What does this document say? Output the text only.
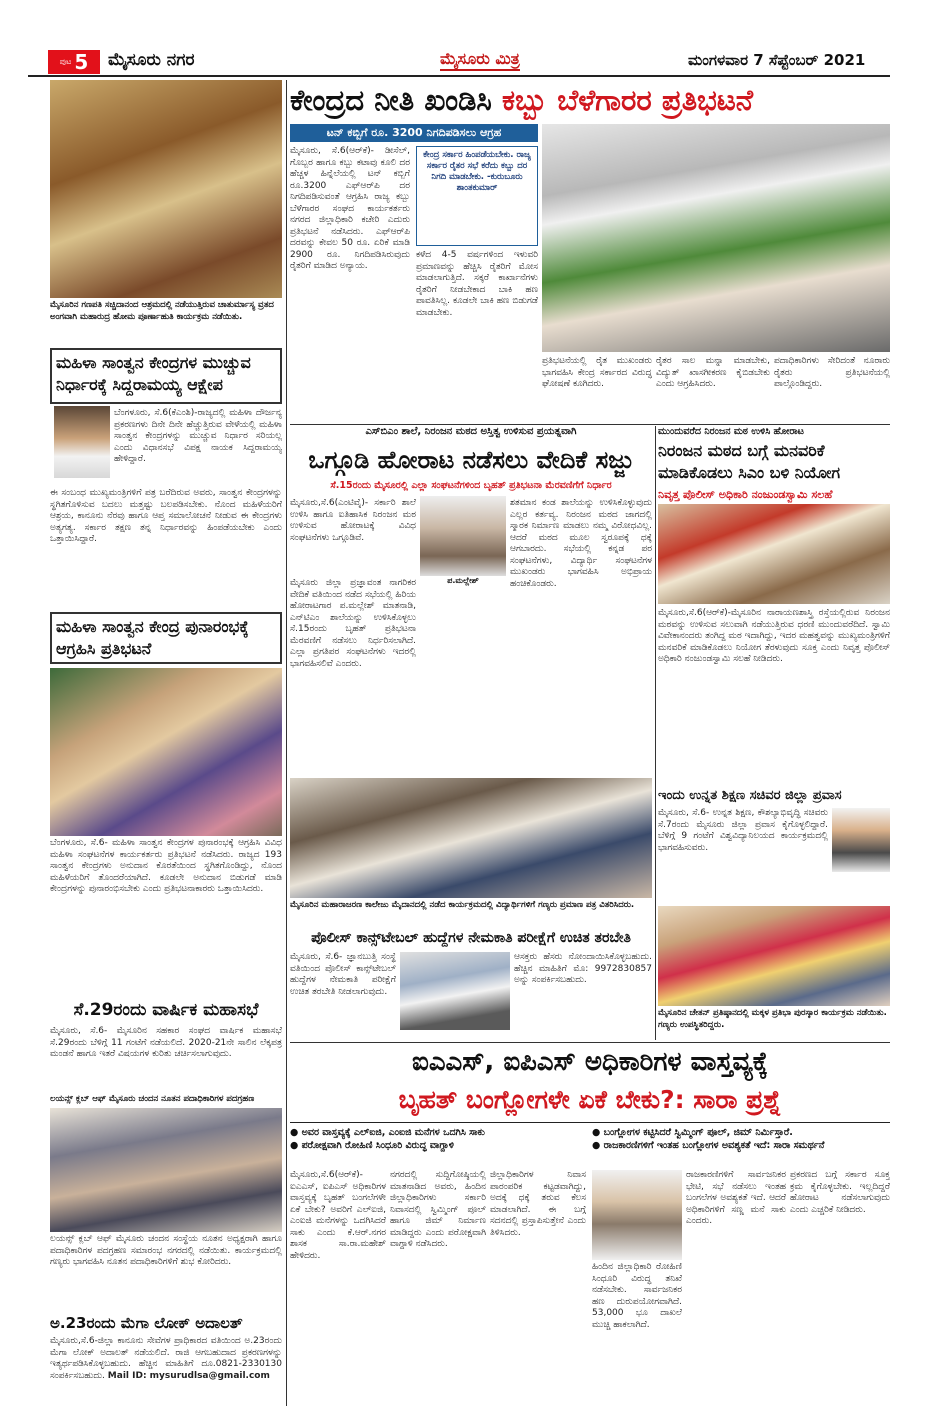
ಪುಟ 5 ಮೈಸೂರು ನಗರ	ಮೈಸೂರು ಮಿತ್ರ	ಮಂಗಳವಾರ 7 ಸೆಪ್ಟೆಂಬರ್ 2021
ಮೈಸೂರಿನ ಗಣಪತಿ ಸಚ್ಚಿದಾನಂದ ಆಶ್ರಮದಲ್ಲಿ ನಡೆಯುತ್ತಿರುವ ಚಾತುರ್ಮಾಸ್ಯ ವ್ರತದ ಅಂಗವಾಗಿ ಮಹಾರುದ್ರ ಹೋಮ ಪೂರ್ಣಾಹುತಿ ಕಾರ್ಯಕ್ರಮ ನಡೆಯಿತು.
ಮಹಿಳಾ ಸಾಂತ್ವನ ಕೇಂದ್ರಗಳ ಮುಚ್ಚುವ ನಿರ್ಧಾರಕ್ಕೆ ಸಿದ್ದರಾಮಯ್ಯ ಆಕ್ಷೇಪ
ಬೆಂಗಳೂರು, ಸೆ.6(ಕೆಎಂಶಿ)-ರಾಜ್ಯದಲ್ಲಿ ಮಹಿಳಾ ದೌರ್ಜನ್ಯ ಪ್ರಕರಣಗಳು ದಿನೇ ದಿನೇ ಹೆಚ್ಚುತ್ತಿರುವ ವೇಳೆಯಲ್ಲಿ ಮಹಿಳಾ ಸಾಂತ್ವನ ಕೇಂದ್ರಗಳನ್ನು ಮುಚ್ಚುವ ನಿರ್ಧಾರ ಸರಿಯಲ್ಲ ಎಂದು ವಿಧಾನಸಭೆ ವಿಪಕ್ಷ ನಾಯಕ ಸಿದ್ದರಾಮಯ್ಯ ಹೇಳಿದ್ದಾರೆ.
ಈ ಸಂಬಂಧ ಮುಖ್ಯಮಂತ್ರಿಗಳಿಗೆ ಪತ್ರ ಬರೆದಿರುವ ಅವರು, ಸಾಂತ್ವನ ಕೇಂದ್ರಗಳನ್ನು ಸ್ಥಗಿತಗೊಳಿಸುವ ಬದಲು ಮತ್ತಷ್ಟು ಬಲಪಡಿಸಬೇಕು. ನೊಂದ ಮಹಿಳೆಯರಿಗೆ ಆಶ್ರಯ, ಕಾನೂನು ನೆರವು ಹಾಗೂ ಆಪ್ತ ಸಮಾಲೋಚನೆ ನೀಡುವ ಈ ಕೇಂದ್ರಗಳು ಅತ್ಯಗತ್ಯ. ಸರ್ಕಾರ ತಕ್ಷಣ ತನ್ನ ನಿರ್ಧಾರವನ್ನು ಹಿಂಪಡೆಯಬೇಕು ಎಂದು ಒತ್ತಾಯಿಸಿದ್ದಾರೆ.
ಮಹಿಳಾ ಸಾಂತ್ವನ ಕೇಂದ್ರ ಪುನಾರಂಭಕ್ಕೆ ಆಗ್ರಹಿಸಿ ಪ್ರತಿಭಟನೆ
ಬೆಂಗಳೂರು, ಸೆ.6- ಮಹಿಳಾ ಸಾಂತ್ವನ ಕೇಂದ್ರಗಳ ಪುನಾರಂಭಕ್ಕೆ ಆಗ್ರಹಿಸಿ ವಿವಿಧ ಮಹಿಳಾ ಸಂಘಟನೆಗಳ ಕಾರ್ಯಕರ್ತರು ಪ್ರತಿಭಟನೆ ನಡೆಸಿದರು. ರಾಜ್ಯದ 193 ಸಾಂತ್ವನ ಕೇಂದ್ರಗಳು ಅನುದಾನ ಕೊರತೆಯಿಂದ ಸ್ಥಗಿತಗೊಂಡಿದ್ದು, ನೊಂದ ಮಹಿಳೆಯರಿಗೆ ತೊಂದರೆಯಾಗಿದೆ. ಕೂಡಲೇ ಅನುದಾನ ಬಿಡುಗಡೆ ಮಾಡಿ ಕೇಂದ್ರಗಳನ್ನು ಪುನಾರಂಭಿಸಬೇಕು ಎಂದು ಪ್ರತಿಭಟನಾಕಾರರು ಒತ್ತಾಯಿಸಿದರು.
ಸೆ.29ರಂದು ವಾರ್ಷಿಕ ಮಹಾಸಭೆ
ಮೈಸೂರು, ಸೆ.6- ಮೈಸೂರಿನ ಸಹಕಾರ ಸಂಘದ ವಾರ್ಷಿಕ ಮಹಾಸಭೆ ಸೆ.29ರಂದು ಬೆಳಿಗ್ಗೆ 11 ಗಂಟೆಗೆ ನಡೆಯಲಿದೆ. 2020-21ನೇ ಸಾಲಿನ ಲೆಕ್ಕಪತ್ರ ಮಂಡನೆ ಹಾಗೂ ಇತರೆ ವಿಷಯಗಳ ಕುರಿತು ಚರ್ಚಿಸಲಾಗುವುದು.
ಲಯನ್ಸ್ ಕ್ಲಬ್ ಆಫ್ ಮೈಸೂರು ಚಂದನ ನೂತನ ಪದಾಧಿಕಾರಿಗಳ ಪದಗ್ರಹಣ
ಲಯನ್ಸ್ ಕ್ಲಬ್ ಆಫ್ ಮೈಸೂರು ಚಂದನ ಸಂಸ್ಥೆಯ ನೂತನ ಅಧ್ಯಕ್ಷರಾಗಿ ಹಾಗೂ ಪದಾಧಿಕಾರಿಗಳ ಪದಗ್ರಹಣ ಸಮಾರಂಭ ನಗರದಲ್ಲಿ ನಡೆಯಿತು. ಕಾರ್ಯಕ್ರಮದಲ್ಲಿ ಗಣ್ಯರು ಭಾಗವಹಿಸಿ ನೂತನ ಪದಾಧಿಕಾರಿಗಳಿಗೆ ಶುಭ ಕೋರಿದರು.
ಅ.23ರಂದು ಮೆಗಾ ಲೋಕ್ ಅದಾಲತ್
ಮೈಸೂರು,ಸೆ.6-ಜಿಲ್ಲಾ ಕಾನೂನು ಸೇವೆಗಳ ಪ್ರಾಧಿಕಾರದ ವತಿಯಿಂದ ಅ.23ರಂದು ಮೆಗಾ ಲೋಕ್ ಅದಾಲತ್ ನಡೆಯಲಿದೆ. ರಾಜಿ ಆಗಬಹುದಾದ ಪ್ರಕರಣಗಳನ್ನು ಇತ್ಯರ್ಥಪಡಿಸಿಕೊಳ್ಳಬಹುದು. ಹೆಚ್ಚಿನ ಮಾಹಿತಿಗೆ ದೂ.0821-2330130 ಸಂಪರ್ಕಿಸಬಹುದು. Mail ID: mysurudlsa@gmail.com
ಕೇಂದ್ರದ ನೀತಿ ಖಂಡಿಸಿ ಕಬ್ಬು ಬೆಳೆಗಾರರ ಪ್ರತಿಭಟನೆ
ಟನ್ ಕಬ್ಬಿಗೆ ರೂ. 3200 ನಿಗದಿಪಡಿಸಲು ಆಗ್ರಹ
ಮೈಸೂರು, ಸೆ.6(ಆರ್‌ಕೆ)- ಡೀಸೆಲ್, ಗೊಬ್ಬರ ಹಾಗೂ ಕಬ್ಬು ಕಟಾವು ಕೂಲಿ ದರ ಹೆಚ್ಚಳ ಹಿನ್ನೆಲೆಯಲ್ಲಿ ಟನ್ ಕಬ್ಬಿಗೆ ರೂ.3200 ಎಫ್‌ಆರ್‌ಪಿ ದರ ನಿಗದಿಪಡಿಸುವಂತೆ ಆಗ್ರಹಿಸಿ ರಾಜ್ಯ ಕಬ್ಬು ಬೆಳೆಗಾರರ ಸಂಘದ ಕಾರ್ಯಕರ್ತರು ನಗರದ ಜಿಲ್ಲಾಧಿಕಾರಿ ಕಚೇರಿ ಎದುರು ಪ್ರತಿಭಟನೆ ನಡೆಸಿದರು. ಎಫ್‌ಆರ್‌ಪಿ ದರವನ್ನು ಕೇವಲ 50 ರೂ. ಏರಿಕೆ ಮಾಡಿ 2900 ರೂ. ನಿಗದಿಪಡಿಸಿರುವುದು ರೈತರಿಗೆ ಮಾಡಿದ ಅನ್ಯಾಯ.
ಕೇಂದ್ರ ಸರ್ಕಾರ ಹಿಂಪಡೆಯಬೇಕು. ರಾಜ್ಯ ಸರ್ಕಾರ ರೈತರ ಸಭೆ ಕರೆದು ಕಬ್ಬು ದರ ನಿಗದಿ ಮಾಡಬೇಕು. -ಕುರುಬೂರು ಶಾಂತಕುಮಾರ್
ಕಳೆದ 4-5 ವರ್ಷಗಳಿಂದ ಇಳುವರಿ ಪ್ರಮಾಣವನ್ನು ಹೆಚ್ಚಿಸಿ ರೈತರಿಗೆ ಮೋಸ ಮಾಡಲಾಗುತ್ತಿದೆ. ಸಕ್ಕರೆ ಕಾರ್ಖಾನೆಗಳು ರೈತರಿಗೆ ನೀಡಬೇಕಾದ ಬಾಕಿ ಹಣ ಪಾವತಿಸಿಲ್ಲ. ಕೂಡಲೇ ಬಾಕಿ ಹಣ ಬಿಡುಗಡೆ ಮಾಡಬೇಕು.
ಪ್ರತಿಭಟನೆಯಲ್ಲಿ ರೈತ ಮುಖಂಡರು ಭಾಗವಹಿಸಿ ಕೇಂದ್ರ ಸರ್ಕಾರದ ವಿರುದ್ಧ ಘೋಷಣೆ ಕೂಗಿದರು.
ರೈತರ ಸಾಲ ಮನ್ನಾ ಮಾಡಬೇಕು, ವಿದ್ಯುತ್ ಖಾಸಗೀಕರಣ ಕೈಬಿಡಬೇಕು ಎಂದು ಆಗ್ರಹಿಸಿದರು.
ಪದಾಧಿಕಾರಿಗಳು ಸೇರಿದಂತೆ ನೂರಾರು ರೈತರು ಪ್ರತಿಭಟನೆಯಲ್ಲಿ ಪಾಲ್ಗೊಂಡಿದ್ದರು.
ಎಸ್‌ಬಿಎಂ ಶಾಲೆ, ನಿರಂಜನ ಮಠದ ಅಸ್ತಿತ್ವ ಉಳಿಸುವ ಪ್ರಯತ್ನವಾಗಿ
ಒಗ್ಗೂಡಿ ಹೋರಾಟ ನಡೆಸಲು ವೇದಿಕೆ ಸಜ್ಜು
ಸೆ.15ರಂದು ಮೈಸೂರಲ್ಲಿ ಎಲ್ಲಾ ಸಂಘಟನೆಗಳಿಂದ ಬೃಹತ್ ಪ್ರತಿಭಟನಾ ಮೆರವಣಿಗೆಗೆ ನಿರ್ಧಾರ
ಮೈಸೂರು,ಸೆ.6(ಎಂಟಿವೈ)- ಸರ್ಕಾರಿ ಶಾಲೆ ಉಳಿಸಿ ಹಾಗೂ ಐತಿಹಾಸಿಕ ನಿರಂಜನ ಮಠ ಉಳಿಸುವ ಹೋರಾಟಕ್ಕೆ ವಿವಿಧ ಸಂಘಟನೆಗಳು ಒಗ್ಗೂಡಿವೆ.
ಪ.ಮಲ್ಲೇಶ್
ಮೈಸೂರು ಜಿಲ್ಲಾ ಪ್ರಜ್ಞಾವಂತ ನಾಗರಿಕರ ವೇದಿಕೆ ವತಿಯಿಂದ ನಡೆದ ಸಭೆಯಲ್ಲಿ ಹಿರಿಯ ಹೋರಾಟಗಾರ ಪ.ಮಲ್ಲೇಶ್ ಮಾತನಾಡಿ, ಎನ್‌ಟಿಎಂ ಶಾಲೆಯನ್ನು ಉಳಿಸಿಕೊಳ್ಳಲು ಸೆ.15ರಂದು ಬೃಹತ್ ಪ್ರತಿಭಟನಾ ಮೆರವಣಿಗೆ ನಡೆಸಲು ನಿರ್ಧರಿಸಲಾಗಿದೆ. ಎಲ್ಲಾ ಪ್ರಗತಿಪರ ಸಂಘಟನೆಗಳು ಇದರಲ್ಲಿ ಭಾಗವಹಿಸಲಿವೆ ಎಂದರು.
ಶತಮಾನ ಕಂಡ ಶಾಲೆಯನ್ನು ಉಳಿಸಿಕೊಳ್ಳುವುದು ಎಲ್ಲರ ಕರ್ತವ್ಯ. ನಿರಂಜನ ಮಠದ ಜಾಗದಲ್ಲಿ ಸ್ಮಾರಕ ನಿರ್ಮಾಣ ಮಾಡಲು ನಮ್ಮ ವಿರೋಧವಿಲ್ಲ. ಆದರೆ ಮಠದ ಮೂಲ ಸ್ವರೂಪಕ್ಕೆ ಧಕ್ಕೆ ಆಗಬಾರದು. ಸಭೆಯಲ್ಲಿ ಕನ್ನಡ ಪರ ಸಂಘಟನೆಗಳು, ವಿದ್ಯಾರ್ಥಿ ಸಂಘಟನೆಗಳ ಮುಖಂಡರು ಭಾಗವಹಿಸಿ ಅಭಿಪ್ರಾಯ ಹಂಚಿಕೊಂಡರು.
ಮೈಸೂರಿನ ಮಹಾರಾಜರಣ ಕಾಲೇಜು ಮೈದಾನದಲ್ಲಿ ನಡೆದ ಕಾರ್ಯಕ್ರಮದಲ್ಲಿ ವಿದ್ಯಾರ್ಥಿಗಳಿಗೆ ಗಣ್ಯರು ಪ್ರಮಾಣ ಪತ್ರ ವಿತರಿಸಿದರು.
ಪೊಲೀಸ್ ಕಾನ್ಸ್‌ಟೇಬಲ್ ಹುದ್ದೆಗಳ ನೇಮಕಾತಿ ಪರೀಕ್ಷೆಗೆ ಉಚಿತ ತರಬೇತಿ
ಮೈಸೂರು, ಸೆ.6- ಜ್ಞಾನಬುತ್ತಿ ಸಂಸ್ಥೆ ವತಿಯಿಂದ ಪೊಲೀಸ್ ಕಾನ್ಸ್‌ಟೇಬಲ್ ಹುದ್ದೆಗಳ ನೇಮಕಾತಿ ಪರೀಕ್ಷೆಗೆ ಉಚಿತ ತರಬೇತಿ ನೀಡಲಾಗುವುದು.
ಆಸಕ್ತರು ಹೆಸರು ನೋಂದಾಯಿಸಿಕೊಳ್ಳಬಹುದು. ಹೆಚ್ಚಿನ ಮಾಹಿತಿಗೆ ಮೊ: 9972830857 ಅನ್ನು ಸಂಪರ್ಕಿಸಬಹುದು.
ಮುಂದುವರೆದ ನಿರಂಜನ ಮಠ ಉಳಿಸಿ ಹೋರಾಟ
ನಿರಂಜನ ಮಠದ ಬಗ್ಗೆ ಮನವರಿಕೆ ಮಾಡಿಕೊಡಲು ಸಿಎಂ ಬಳಿ ನಿಯೋಗ
ನಿವೃತ್ತ ಪೊಲೀಸ್ ಅಧಿಕಾರಿ ನಂಜುಂಡಸ್ವಾಮಿ ಸಲಹೆ
ಮೈಸೂರು,ಸೆ.6(ಆರ್‌ಕೆ)-ಮೈಸೂರಿನ ನಾರಾಯಣಶಾಸ್ತ್ರಿ ರಸ್ತೆಯಲ್ಲಿರುವ ನಿರಂಜನ ಮಠವನ್ನು ಉಳಿಸುವ ಸಲುವಾಗಿ ನಡೆಯುತ್ತಿರುವ ಧರಣಿ ಮುಂದುವರೆದಿದೆ. ಸ್ವಾಮಿ ವಿವೇಕಾನಂದರು ತಂಗಿದ್ದ ಮಠ ಇದಾಗಿದ್ದು, ಇದರ ಮಹತ್ವವನ್ನು ಮುಖ್ಯಮಂತ್ರಿಗಳಿಗೆ ಮನವರಿಕೆ ಮಾಡಿಕೊಡಲು ನಿಯೋಗ ತೆರಳುವುದು ಸೂಕ್ತ ಎಂದು ನಿವೃತ್ತ ಪೊಲೀಸ್ ಅಧಿಕಾರಿ ನಂಜುಂಡಸ್ವಾಮಿ ಸಲಹೆ ನೀಡಿದರು.
ಇಂದು ಉನ್ನತ ಶಿಕ್ಷಣ ಸಚಿವರ ಜಿಲ್ಲಾ ಪ್ರವಾಸ
ಮೈಸೂರು, ಸೆ.6- ಉನ್ನತ ಶಿಕ್ಷಣ, ಕೌಶಲ್ಯಾಭಿವೃದ್ಧಿ ಸಚಿವರು ಸೆ.7ರಂದು ಮೈಸೂರು ಜಿಲ್ಲಾ ಪ್ರವಾಸ ಕೈಗೊಳ್ಳಲಿದ್ದಾರೆ. ಬೆಳಿಗ್ಗೆ 9 ಗಂಟೆಗೆ ವಿಶ್ವವಿದ್ಯಾನಿಲಯದ ಕಾರ್ಯಕ್ರಮದಲ್ಲಿ ಭಾಗವಹಿಸುವರು.
ಮೈಸೂರಿನ ಚೇತನ್ ಪ್ರತಿಷ್ಠಾನದಲ್ಲಿ ಮಕ್ಕಳ ಪ್ರತಿಭಾ ಪುರಸ್ಕಾರ ಕಾರ್ಯಕ್ರಮ ನಡೆಯಿತು. ಗಣ್ಯರು ಉಪಸ್ಥಿತರಿದ್ದರು.
ಐಎಎಸ್, ಐಪಿಎಸ್ ಅಧಿಕಾರಿಗಳ ವಾಸ್ತವ್ಯಕ್ಕೆ
ಬೃಹತ್ ಬಂಗ್ಲೋಗಳೇ ಏಕೆ ಬೇಕು?: ಸಾರಾ ಪ್ರಶ್ನೆ
● ಅವರ ವಾಸ್ತವ್ಯಕ್ಕೆ ಎಲ್‌ಐಜಿ, ಎಂಐಜಿ ಮನೆಗಳ ಒದಗಿಸಿ ಸಾಕು
● ಪರೋಕ್ಷವಾಗಿ ರೋಹಿಣಿ ಸಿಂಧೂರಿ ವಿರುದ್ಧ ವಾಗ್ದಾಳಿ
● ಬಂಗ್ಲೋಗಳ ಕಟ್ಟಿಸಿದರೆ ಸ್ವಿಮ್ಮಿಂಗ್ ಪೂಲ್, ಜಿಮ್ ನಿರ್ಮಿಸ್ತಾರೆ.
● ರಾಜಕಾರಣಿಗಳಿಗೆ ಇಂತಹ ಬಂಗ್ಲೋಗಳ ಅವಶ್ಯಕತೆ ಇದೆ: ಸಾರಾ ಸಮರ್ಥನೆ
ಮೈಸೂರು,ಸೆ.6(ಆರ್‌ಕೆ)-ಐಎಎಸ್, ಐಪಿಎಸ್ ಅಧಿಕಾರಿಗಳ ವಾಸ್ತವ್ಯಕ್ಕೆ ಬೃಹತ್ ಬಂಗಲೆಗಳೇ ಏಕೆ ಬೇಕು? ಅವರಿಗೆ ಎಲ್‌ಐಜಿ, ಎಂಐಜಿ ಮನೆಗಳನ್ನು ಒದಗಿಸಿದರೆ ಸಾಕು ಎಂದು ಕೆ.ಆರ್.ನಗರ ಶಾಸಕ ಸಾ.ರಾ.ಮಹೇಶ್ ಹೇಳಿದರು.
ನಗರದಲ್ಲಿ ಸುದ್ದಿಗೋಷ್ಠಿಯಲ್ಲಿ ಮಾತನಾಡಿದ ಅವರು, ಹಿಂದಿನ ಜಿಲ್ಲಾಧಿಕಾರಿಗಳು ಸರ್ಕಾರಿ ನಿವಾಸದಲ್ಲಿ ಸ್ವಿಮ್ಮಿಂಗ್ ಪೂಲ್ ಹಾಗೂ ಜಿಮ್ ನಿರ್ಮಾಣ ಮಾಡಿದ್ದರು ಎಂದು ಪರೋಕ್ಷವಾಗಿ ವಾಗ್ದಾಳಿ ನಡೆಸಿದರು.
ಜಿಲ್ಲಾಧಿಕಾರಿಗಳ ನಿವಾಸ ಪಾರಂಪರಿಕ ಕಟ್ಟಡವಾಗಿದ್ದು, ಅದಕ್ಕೆ ಧಕ್ಕೆ ತರುವ ಕೆಲಸ ಮಾಡಲಾಗಿದೆ. ಈ ಬಗ್ಗೆ ಸದನದಲ್ಲಿ ಪ್ರಸ್ತಾಪಿಸುತ್ತೇನೆ ಎಂದು ತಿಳಿಸಿದರು.
ಹಿಂದಿನ ಜಿಲ್ಲಾಧಿಕಾರಿ ರೋಹಿಣಿ ಸಿಂಧೂರಿ ವಿರುದ್ಧ ತನಿಖೆ ನಡೆಸಬೇಕು. ಸಾರ್ವಜನಿಕರ ಹಣ ದುರುಪಯೋಗವಾಗಿದೆ. 53,000 ಭೂ ದಾಖಲೆ ಮುಚ್ಚಿ ಹಾಕಲಾಗಿದೆ.
ರಾಜಕಾರಣಿಗಳಿಗೆ ಸಾರ್ವಜನಿಕರ ಭೇಟಿ, ಸಭೆ ನಡೆಸಲು ಇಂತಹ ಬಂಗಲೆಗಳ ಅವಶ್ಯಕತೆ ಇದೆ. ಆದರೆ ಅಧಿಕಾರಿಗಳಿಗೆ ಸಣ್ಣ ಮನೆ ಸಾಕು ಎಂದರು.
ಪ್ರಕರಣದ ಬಗ್ಗೆ ಸರ್ಕಾರ ಸೂಕ್ತ ಕ್ರಮ ಕೈಗೊಳ್ಳಬೇಕು. ಇಲ್ಲದಿದ್ದರೆ ಹೋರಾಟ ನಡೆಸಲಾಗುವುದು ಎಂದು ಎಚ್ಚರಿಕೆ ನೀಡಿದರು.
